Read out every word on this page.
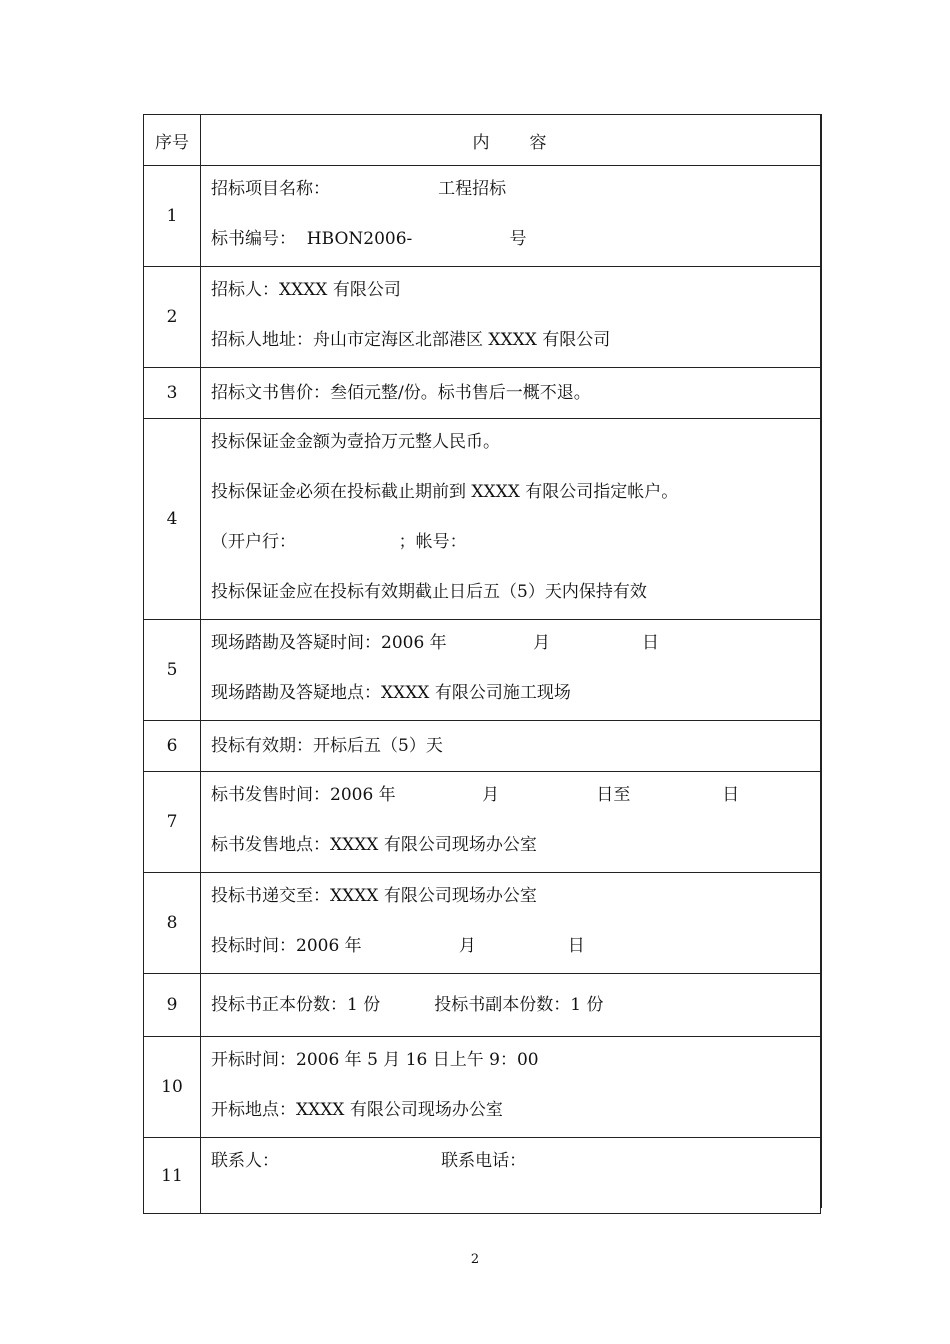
序号	内　　容
1	招标项目名称：                    工程招标
标书编号：  HBON2006-                  号

2	招标人：XXXX 有限公司
招标人地址：舟山市定海区北部港区 XXXX 有限公司

3	招标文书售价：叁佰元整/份。标书售后一概不退。

4	投标保证金金额为壹拾万元整人民币。
投标保证金必须在投标截止期前到 XXXX 有限公司指定帐户。
（开户行：                   ；帐号：
投标保证金应在投标有效期截止日后五（5）天内保持有效

5	现场踏勘及答疑时间：2006 年                月                 日
现场踏勘及答疑地点：XXXX 有限公司施工现场

6	投标有效期：开标后五（5）天

7	标书发售时间：2006 年                月                  日至                 日
标书发售地点：XXXX 有限公司现场办公室

8	投标书递交至：XXXX 有限公司现场办公室
投标时间：2006 年                  月                 日

9	投标书正本份数：1 份          投标书副本份数：1 份

10	开标时间：2006 年 5 月 16 日上午 9：00
开标地点：XXXX 有限公司现场办公室

11	联系人：                              联系电话：
2
